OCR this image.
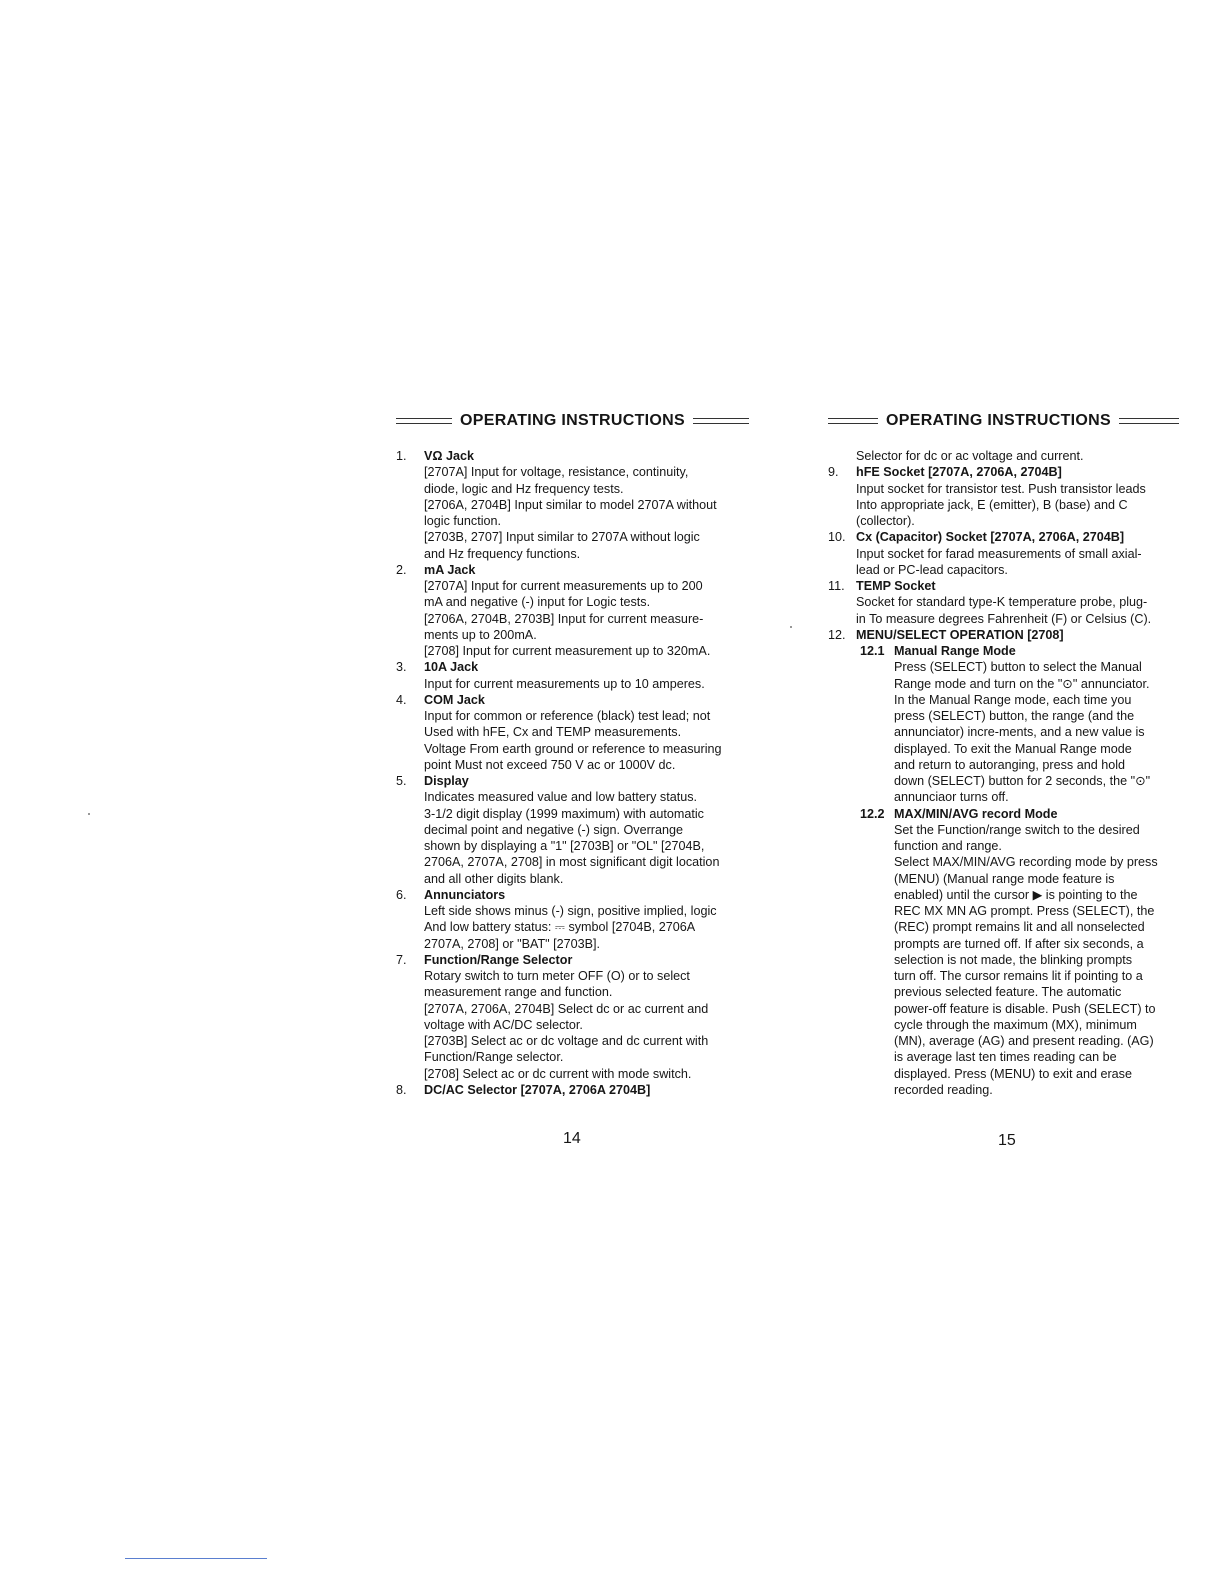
OPERATING INSTRUCTIONS
1.	VΩ Jack
[2707A] Input for voltage, resistance, continuity,
diode, logic and Hz frequency tests.
[2706A, 2704B] Input similar to model 2707A without
logic function.
[2703B, 2707] Input similar to 2707A without logic
and Hz frequency functions.
2.	mA Jack
[2707A] Input for current measurements up to 200
mA and negative (-) input for Logic tests.
[2706A, 2704B, 2703B] Input for current measure-
ments up to 200mA.
[2708] Input for current measurement up to 320mA.
3.	10A Jack
Input for current measurements up to 10 amperes.
4.	COM Jack
Input for common or reference (black) test lead; not
Used with hFE, Cx and TEMP measurements.
Voltage From earth ground or reference to measuring
point Must not exceed 750 V ac or 1000V dc.
5.	Display
Indicates measured value and low battery status.
3-1/2 digit display (1999 maximum) with automatic
decimal point and negative (-) sign. Overrange
shown by displaying a "1" [2703B] or "OL" [2704B,
2706A, 2707A, 2708] in most significant digit location
and all other digits blank.
6.	Annunciators
Left side shows minus (-) sign, positive implied, logic
And low battery status: ⎓ symbol [2704B, 2706A
2707A, 2708] or "BAT" [2703B].
7.	Function/Range Selector
Rotary switch to turn meter OFF (O) or to select
measurement range and function.
[2707A, 2706A, 2704B] Select dc or ac current and
voltage with AC/DC selector.
[2703B] Select ac or dc voltage and dc current with
Function/Range selector.
[2708] Select ac or dc current with mode switch.
8.	DC/AC Selector [2707A, 2706A 2704B]
OPERATING INSTRUCTIONS
Selector for dc or ac voltage and current.
9.	hFE Socket [2707A, 2706A, 2704B]
Input socket for transistor test. Push transistor leads
Into appropriate jack, E (emitter), B (base) and C
(collector).
10. Cx (Capacitor) Socket [2707A, 2706A, 2704B]
Input socket for farad measurements of small axial-
lead or PC-lead capacitors.
11. TEMP Socket
Socket for standard type-K temperature probe, plug-
in To measure degrees Fahrenheit (F) or Celsius (C).
12. MENU/SELECT OPERATION [2708]
12.1 Manual Range Mode
Press (SELECT) button to select the Manual
Range mode and turn on the "⊙" annunciator.
In the Manual Range mode, each time you
press (SELECT) button, the range (and the
annunciator) incre-ments, and a new value is
displayed. To exit the Manual Range mode
and return to autoranging, press and hold
down (SELECT) button for 2 seconds, the "⊙"
annunciaor turns off.
12.2 MAX/MIN/AVG record Mode
Set the Function/range switch to the desired
function and range.
Select MAX/MIN/AVG recording mode by press
(MENU) (Manual range mode feature is
enabled) until the cursor ▶ is pointing to the
REC MX MN AG prompt. Press (SELECT), the
(REC) prompt remains lit and all nonselected
prompts are turned off. If after six seconds, a
selection is not made, the blinking prompts
turn off. The cursor remains lit if pointing to a
previous selected feature. The automatic
power-off feature is disable. Push (SELECT) to
cycle through the maximum (MX), minimum
(MN), average (AG) and present reading. (AG)
is average last ten times reading can be
displayed. Press (MENU) to exit and erase
recorded reading.
14	15
